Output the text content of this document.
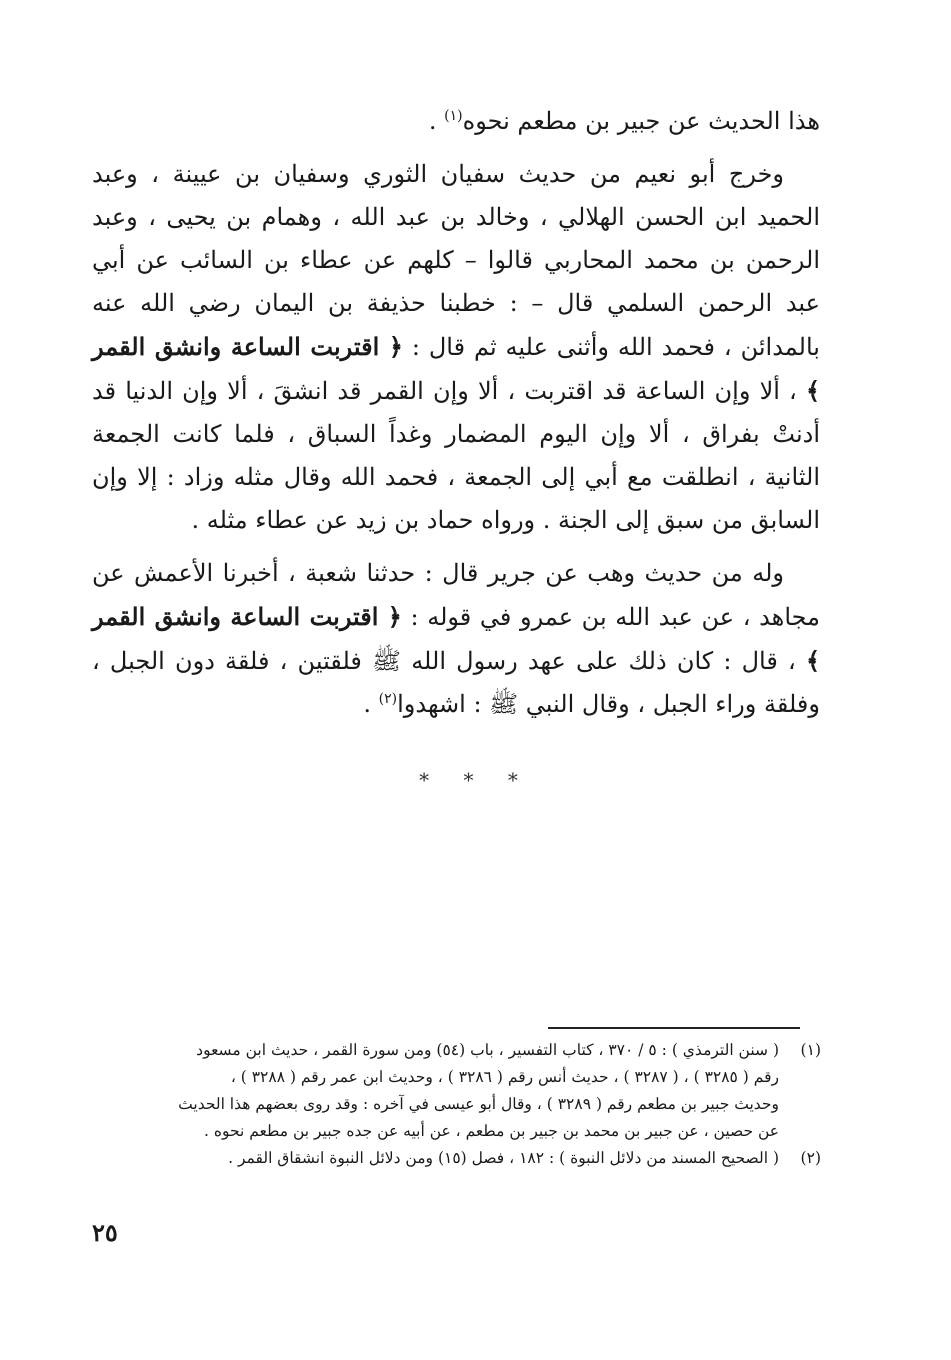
هذا الحديث عن جبير بن مطعم نحوه$^{(١)}$ .

وخرج أبو نعيم من حديث سفيان الثوري وسفيان بن عيينة ، وعبد الحميد ابن الحسن الهلالي ، وخالد بن عبد الله ، وهمام بن يحيى ، وعبد الرحمن بن محمد المحاربي قالوا – كلهم عن عطاء بن السائب عن أبي عبد الرحمن السلمي قال – : خطبنا حذيفة بن اليمان رضي الله عنه بالمدائن ، فحمد الله وأثنى عليه ثم قال : ﴿ اقتربت الساعة وانشق القمر ﴾ ، ألا وإن الساعة قد اقتربت ، ألا وإن القمر قد انشقَ ، ألا وإن الدنيا قد أدنتْ بفراق ، ألا وإن اليوم المضمار وغداً السباق ، فلما كانت الجمعة الثانية ، انطلقت مع أبي إلى الجمعة ، فحمد الله وقال مثله وزاد : إلا وإن السابق من سبق إلى الجنة . ورواه حماد بن زيد عن عطاء مثله .

وله من حديث وهب عن جرير قال : حدثنا شعبة ، أخبرنا الأعمش عن مجاهد ، عن عبد الله بن عمرو في قوله : ﴿ اقتربت الساعة وانشق القمر ﴾ ، قال : كان ذلك على عهد رسول الله ﷺ فلقتين ، فلقة دون الجبل ، وفلقة وراء الجبل ، وقال النبي ﷺ : اشهدوا$^{(٢)}$ .

* * *
(١)
( سنن الترمذي ) : ٥ / ٣٧٠ ، كتاب التفسير ، باب (٥٤) ومن سورة القمر ، حديث ابن مسعود
رقم ( ٣٢٨٥ ) ، ( ٣٢٨٧ ) ، حديث أنس رقم ( ٣٢٨٦ ) ، وحديث ابن عمر رقم ( ٣٢٨٨ ) ،
وحديث جبير بن مطعم رقم ( ٣٢٨٩ ) ، وقال أبو عيسى في آخره : وقد روى بعضهم هذا الحديث
عن حصين ، عن جبير بن محمد بن جبير بن مطعم ، عن أبيه عن جده جبير بن مطعم نحوه .
(٢)
( الصحيح المسند من دلائل النبوة ) : ١٨٢ ، فصل (١٥) ومن دلائل النبوة انشقاق القمر .
٢٥
